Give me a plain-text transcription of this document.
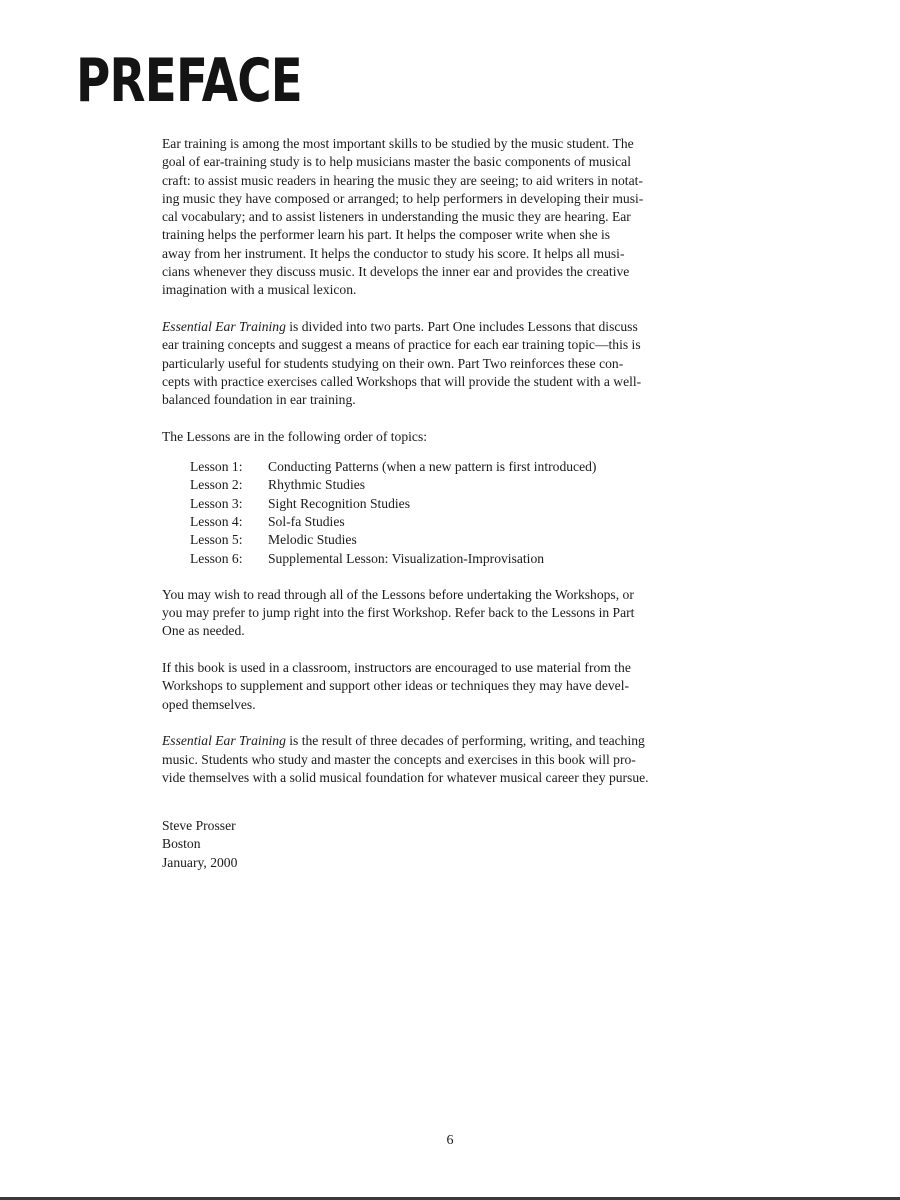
PREFACE

Ear training is among the most important skills to be studied by the music student. The
goal of ear-training study is to help musicians master the basic components of musical
craft: to assist music readers in hearing the music they are seeing; to aid writers in notat-
ing music they have composed or arranged; to help performers in developing their musi-
cal vocabulary; and to assist listeners in understanding the music they are hearing. Ear
training helps the performer learn his part. It helps the composer write when she is
away from her instrument. It helps the conductor to study his score. It helps all musi-
cians whenever they discuss music. It develops the inner ear and provides the creative
imagination with a musical lexicon.

Essential Ear Training is divided into two parts. Part One includes Lessons that discuss
ear training concepts and suggest a means of practice for each ear training topic—this is
particularly useful for students studying on their own. Part Two reinforces these con-
cepts with practice exercises called Workshops that will provide the student with a well-
balanced foundation in ear training.

The Lessons are in the following order of topics:

Lesson 1:	Conducting Patterns (when a new pattern is first introduced)
Lesson 2:	Rhythmic Studies
Lesson 3:	Sight Recognition Studies
Lesson 4:	Sol-fa Studies
Lesson 5:	Melodic Studies
Lesson 6:	Supplemental Lesson: Visualization-Improvisation

You may wish to read through all of the Lessons before undertaking the Workshops, or
you may prefer to jump right into the first Workshop. Refer back to the Lessons in Part
One as needed.

If this book is used in a classroom, instructors are encouraged to use material from the
Workshops to supplement and support other ideas or techniques they may have devel-
oped themselves.

Essential Ear Training is the result of three decades of performing, writing, and teaching
music. Students who study and master the concepts and exercises in this book will pro-
vide themselves with a solid musical foundation for whatever musical career they pursue.

Steve Prosser
Boston
January, 2000
6
